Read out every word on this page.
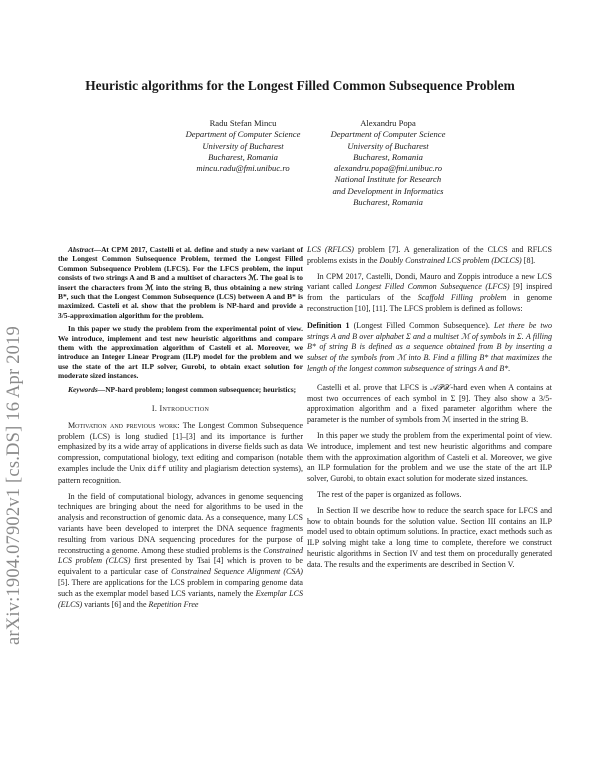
arXiv:1904.07902v1 [cs.DS] 16 Apr 2019
Heuristic algorithms for the Longest Filled Common Subsequence Problem
Radu Stefan Mincu
Department of Computer Science
University of Bucharest
Bucharest, Romania
mincu.radu@fmi.unibuc.ro
Alexandru Popa
Department of Computer Science
University of Bucharest
Bucharest, Romania
alexandru.popa@fmi.unibuc.ro
National Institute for Research
and Development in Informatics
Bucharest, Romania

Abstract—At CPM 2017, Castelli et al. define and study a new variant of the Longest Common Subsequence Problem, termed the Longest Filled Common Subsequence Problem (LFCS). For the LFCS problem, the input consists of two strings A and B and a multiset of characters ℳ. The goal is to insert the characters from ℳ into the string B, thus obtaining a new string B*, such that the Longest Common Subsequence (LCS) between A and B* is maximized. Casteli et al. show that the problem is NP-hard and provide a 3/5-approximation algorithm for the problem.

In this paper we study the problem from the experimental point of view. We introduce, implement and test new heuristic algorithms and compare them with the approximation algorithm of Casteli et al. Moreover, we introduce an Integer Linear Program (ILP) model for the problem and we use the state of the art ILP solver, Gurobi, to obtain exact solution for moderate sized instances.

Keywords—NP-hard problem; longest common subsequence; heuristics;

I. Introduction

Motivation and previous work: The Longest Common Subsequence problem (LCS) is long studied [1]–[3] and its importance is further emphasized by its a wide array of applications in diverse fields such as data compression, computational biology, text editing and comparison (notable examples include the Unix diff utility and plagiarism detection systems), pattern recognition.

In the field of computational biology, advances in genome sequencing techniques are bringing about the need for algorithms to be used in the analysis and reconstruction of genomic data. As a consequence, many LCS variants have been developed to interpret the DNA sequence fragments resulting from various DNA sequencing procedures for the purpose of reconstructing a genome. Among these studied problems is the Constrained LCS problem (CLCS) first presented by Tsai [4] which is proven to be equivalent to a particular case of Constrained Sequence Alignment (CSA) [5]. There are applications for the LCS problem in comparing genome data such as the exemplar model based LCS variants, namely the Exemplar LCS (ELCS) variants [6] and the Repetition Free

LCS (RFLCS) problem [7]. A generalization of the CLCS and RFLCS problems exists in the Doubly Constrained LCS problem (DCLCS) [8].

In CPM 2017, Castelli, Dondi, Mauro and Zoppis introduce a new LCS variant called Longest Filled Common Subsequence (LFCS) [9] inspired from the particulars of the Scaffold Filling problem in genome reconstruction [10], [11]. The LFCS problem is defined as follows:

Definition 1 (Longest Filled Common Subsequence). Let there be two strings A and B over alphabet Σ and a multiset ℳ of symbols in Σ. A filling B* of string B is defined as a sequence obtained from B by inserting a subset of the symbols from ℳ into B. Find a filling B* that maximizes the length of the longest common subsequence of strings A and B*.

Castelli et al. prove that LFCS is 𝒜𝒫𝒳-hard even when A contains at most two occurrences of each symbol in Σ [9]. They also show a 3/5-approximation algorithm and a fixed parameter algorithm where the parameter is the number of symbols from ℳ inserted in the string B.

In this paper we study the problem from the experimental point of view. We introduce, implement and test new heuristic algorithms and compare them with the approximation algorithm of Casteli et al. Moreover, we give an ILP formulation for the problem and we use the state of the art ILP solver, Gurobi, to obtain exact solution for moderate sized instances.

The rest of the paper is organized as follows.

In Section II we describe how to reduce the search space for LFCS and how to obtain bounds for the solution value. Section III contains an ILP model used to obtain optimum solutions. In practice, exact methods such as ILP solving might take a long time to complete, therefore we construct heuristic algorithms in Section IV and test them on procedurally generated data. The results and the experiments are described in Section V.
